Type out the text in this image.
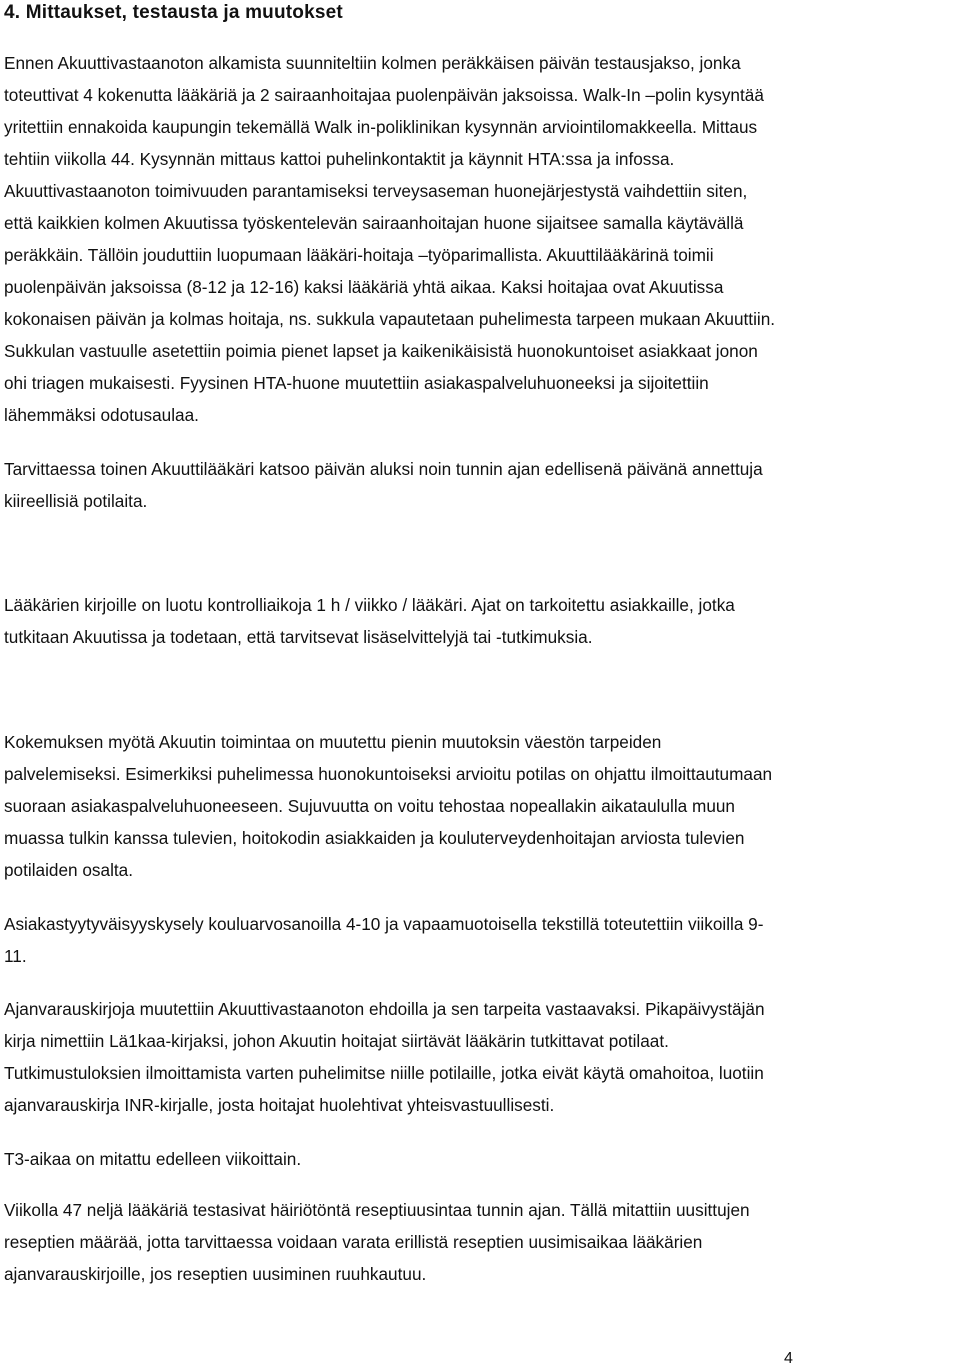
4. Mittaukset, testausta ja muutokset

Ennen Akuuttivastaanoton alkamista suunniteltiin kolmen peräkkäisen päivän testausjakso, jonka

toteuttivat 4 kokenutta lääkäriä ja 2 sairaanhoitajaa puolenpäivän jaksoissa. Walk-In –polin kysyntää

yritettiin ennakoida kaupungin tekemällä Walk in-poliklinikan kysynnän arviointilomakkeella. Mittaus

tehtiin viikolla 44. Kysynnän mittaus kattoi puhelinkontaktit ja käynnit HTA:ssa ja infossa.

Akuuttivastaanoton toimivuuden parantamiseksi terveysaseman huonejärjestystä vaihdettiin siten,

että kaikkien kolmen Akuutissa työskentelevän sairaanhoitajan huone sijaitsee samalla käytävällä

peräkkäin. Tällöin jouduttiin luopumaan lääkäri-hoitaja –työparimallista. Akuuttilääkärinä toimii

puolenpäivän jaksoissa (8-12 ja 12-16) kaksi lääkäriä yhtä aikaa. Kaksi hoitajaa ovat Akuutissa

kokonaisen päivän ja kolmas hoitaja, ns. sukkula vapautetaan puhelimesta tarpeen mukaan Akuuttiin.

Sukkulan vastuulle asetettiin poimia pienet lapset ja kaikenikäisistä huonokuntoiset asiakkaat jonon

ohi triagen mukaisesti. Fyysinen HTA-huone muutettiin asiakaspalveluhuoneeksi ja sijoitettiin

lähemmäksi odotusaulaa.

Tarvittaessa toinen Akuuttilääkäri katsoo päivän aluksi noin tunnin ajan edellisenä päivänä annettuja

kiireellisiä potilaita.

Lääkärien kirjoille on luotu kontrolliaikoja 1 h / viikko / lääkäri. Ajat on tarkoitettu asiakkaille, jotka

tutkitaan Akuutissa ja todetaan, että tarvitsevat lisäselvittelyjä tai -tutkimuksia.

Kokemuksen myötä Akuutin toimintaa on muutettu pienin muutoksin väestön tarpeiden

palvelemiseksi. Esimerkiksi puhelimessa huonokuntoiseksi arvioitu potilas on ohjattu ilmoittautumaan

suoraan asiakaspalveluhuoneeseen. Sujuvuutta on voitu tehostaa nopeallakin aikataululla muun

muassa tulkin kanssa tulevien, hoitokodin asiakkaiden ja kouluterveydenhoitajan arviosta tulevien

potilaiden osalta.

Asiakastyytyväisyyskysely kouluarvosanoilla 4-10 ja vapaamuotoisella tekstillä toteutettiin viikoilla 9-

11.

Ajanvarauskirjoja muutettiin Akuuttivastaanoton ehdoilla ja sen tarpeita vastaavaksi. Pikapäivystäjän

kirja nimettiin Lä1kaa-kirjaksi, johon Akuutin hoitajat siirtävät lääkärin tutkittavat potilaat.

Tutkimustuloksien ilmoittamista varten puhelimitse niille potilaille, jotka eivät käytä omahoitoa, luotiin

ajanvarauskirja INR-kirjalle, josta hoitajat huolehtivat yhteisvastuullisesti.

T3-aikaa on mitattu edelleen viikoittain.

Viikolla 47 neljä lääkäriä testasivat häiriötöntä reseptiuusintaa tunnin ajan. Tällä mitattiin uusittujen

reseptien määrää, jotta tarvittaessa voidaan varata erillistä reseptien uusimisaikaa lääkärien

ajanvarauskirjoille, jos reseptien uusiminen ruuhkautuu.

4
